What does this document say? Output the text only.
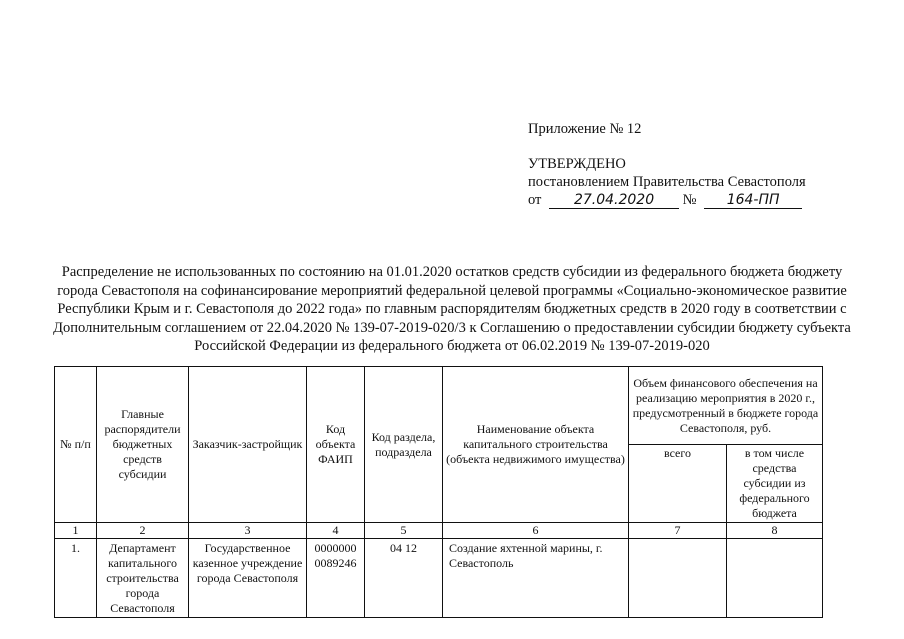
Приложение № 12
УТВЕРЖДЕНО
постановлением Правительства Севастополя
от 27.04.2020 № 164-ПП
Распределение не использованных по состоянию на 01.01.2020 остатков средств субсидии из федерального бюджета бюджету города Севастополя на софинансирование мероприятий федеральной целевой программы «Социально-экономическое развитие Республики Крым и г. Севастополя до 2022 года» по главным распорядителям бюджетных средств в 2020 году в соответствии с Дополнительным соглашением от 22.04.2020 № 139-07-2019-020/3 к Соглашению о предоставлении субсидии бюджету субъекта Российской Федерации из федерального бюджета от 06.02.2019 № 139-07-2019-020
№ п/п	Главные распорядители бюджетных средств субсидии	Заказчик-застройщик	Код объекта ФАИП	Код раздела, подраздела	Наименование объекта капитального строительства (объекта недвижимого имущества)	Объем финансового обеспечения на реализацию мероприятия в 2020 г., предусмотренный в бюджете города Севастополя, руб.	
						всего	в том числе средства субсидии из федерального бюджета
1	2	3	4	5	6	7	8
1.	Департамент капитального строительства города Севастополя	Государственное казенное учреждение города Севастополя	0000000 0089246	04 12	Создание яхтенной марины, г. Севастополь		
